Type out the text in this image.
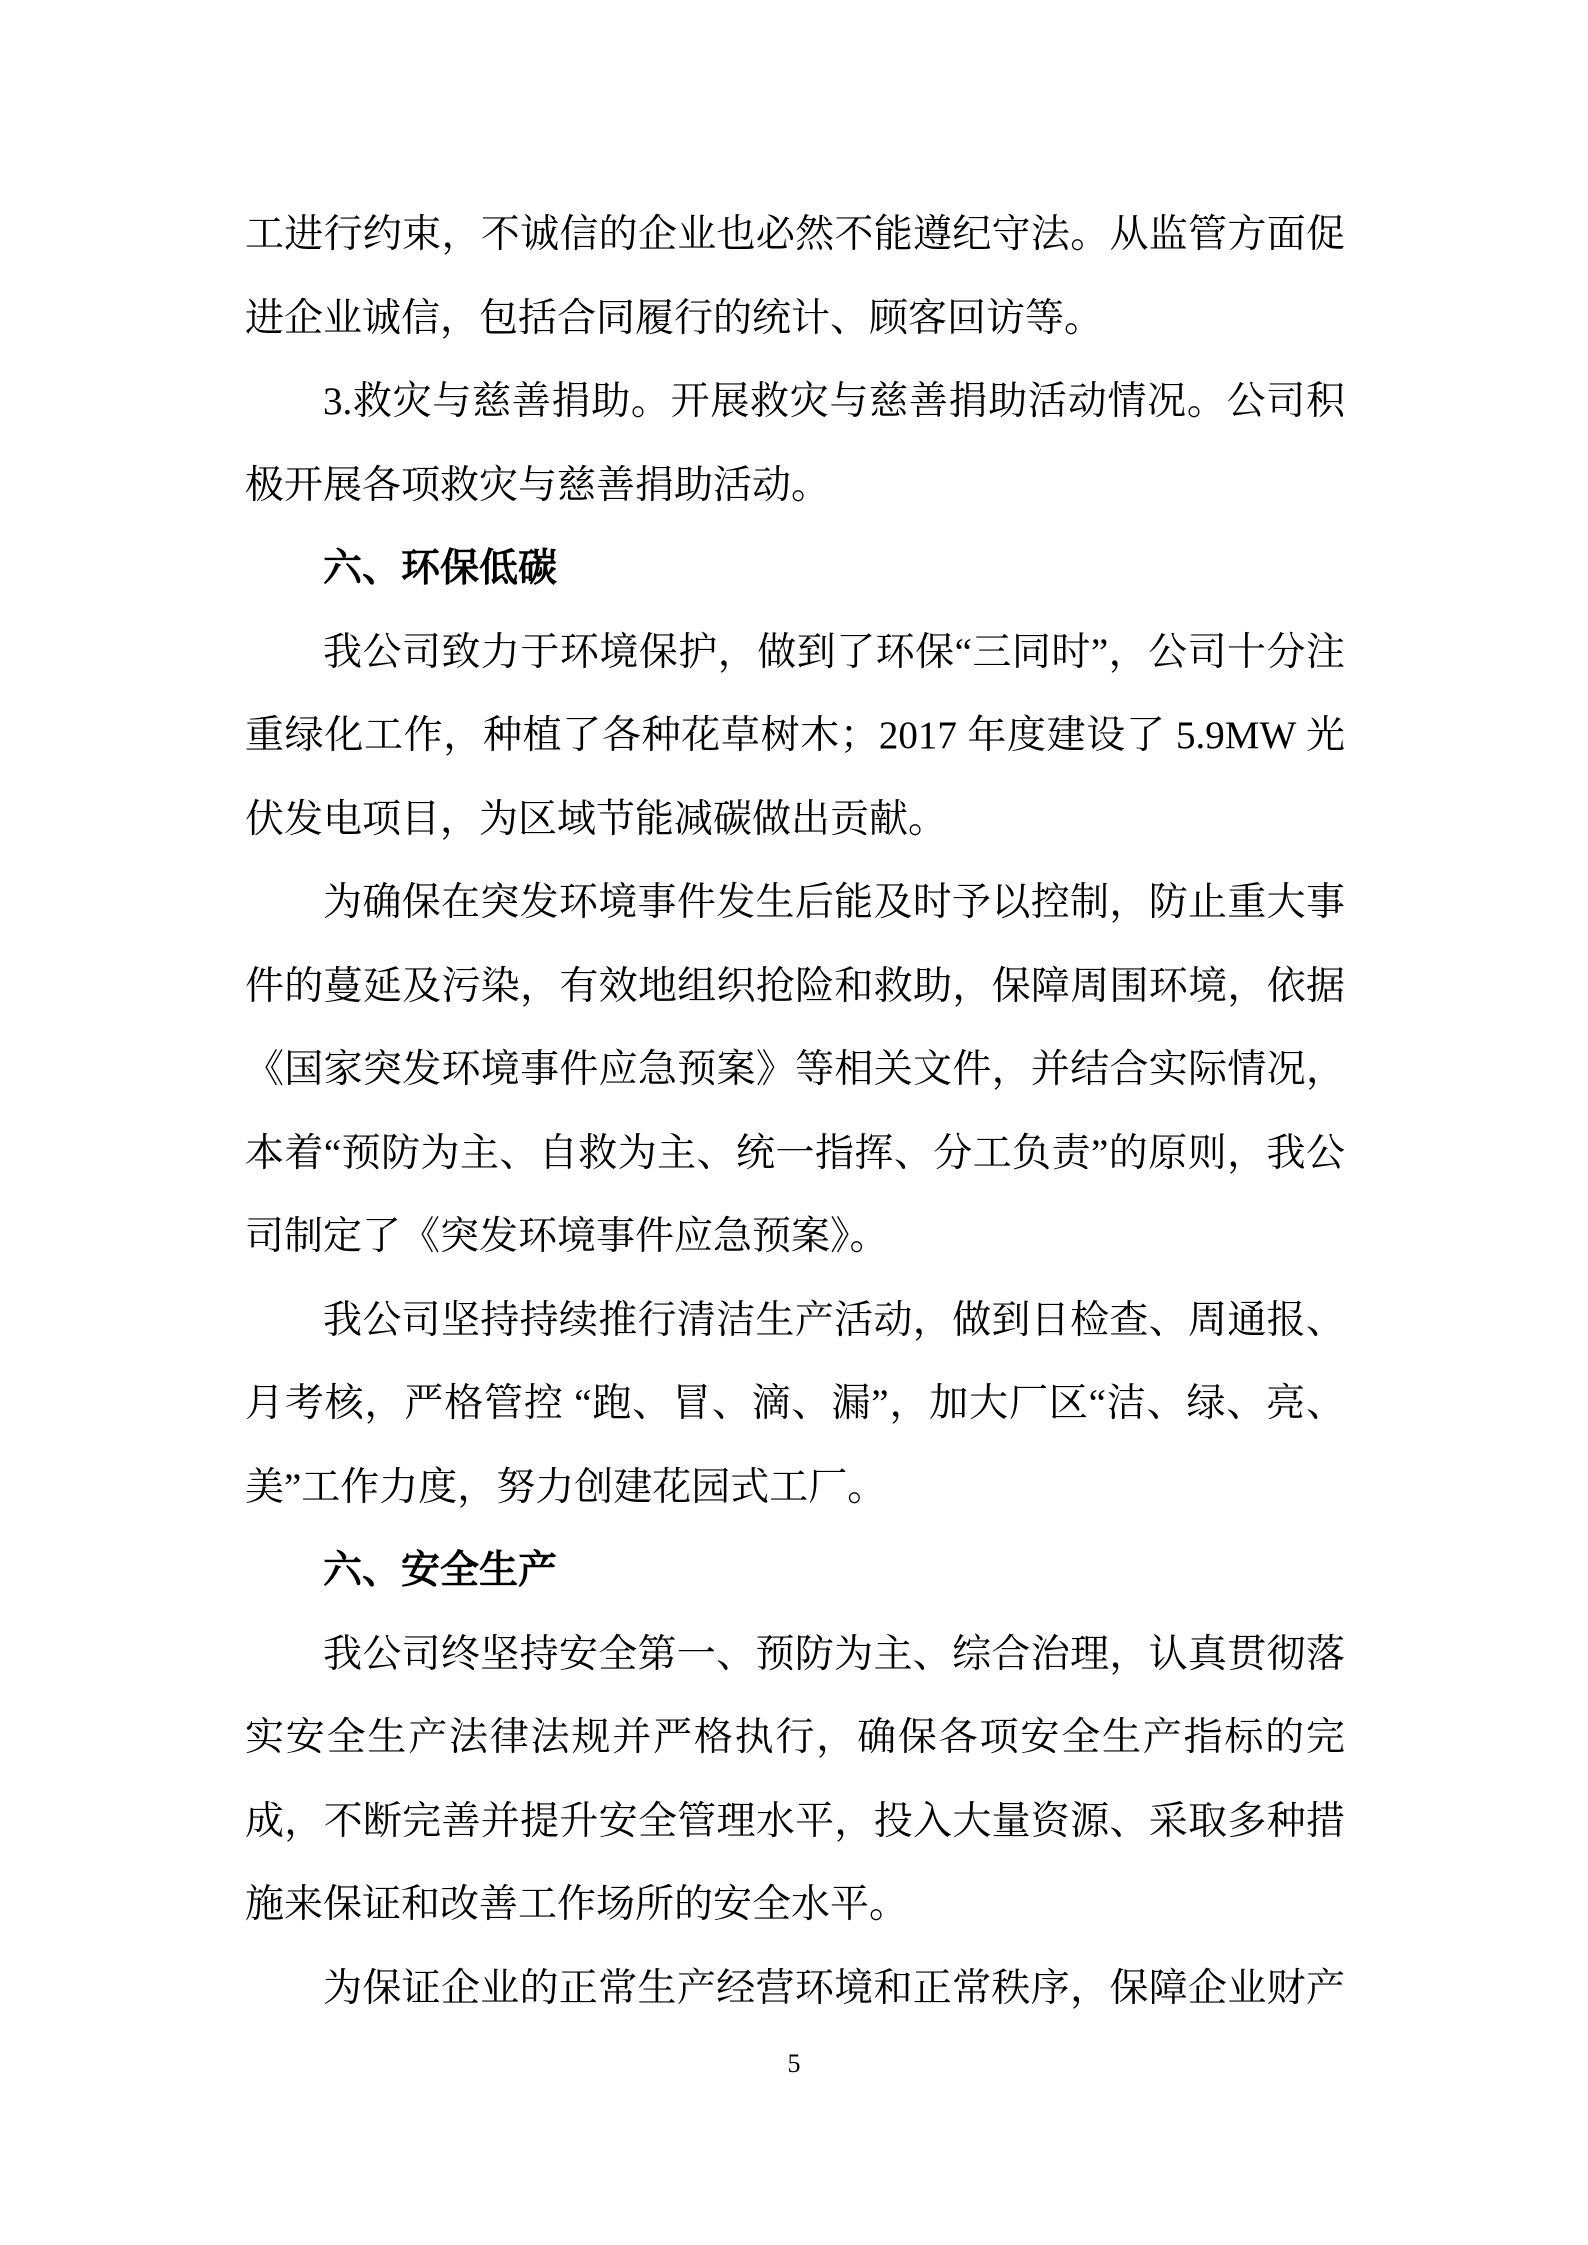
工进行约束，不诚信的企业也必然不能遵纪守法。从监管方面促
进企业诚信，包括合同履行的统计、顾客回访等。
3.救灾与慈善捐助。开展救灾与慈善捐助活动情况。公司积
极开展各项救灾与慈善捐助活动。
六、环保低碳
我公司致力于环境保护，做到了环保“三同时”，公司十分注
重绿化工作，种植了各种花草树木；2017 年度建设了 5.9MW 光
伏发电项目，为区域节能减碳做出贡献。
为确保在突发环境事件发生后能及时予以控制，防止重大事
件的蔓延及污染，有效地组织抢险和救助，保障周围环境，依据
《国家突发环境事件应急预案》等相关文件，并结合实际情况，
本着“预防为主、自救为主、统一指挥、分工负责”的原则，我公
司制定了《突发环境事件应急预案》。
我公司坚持持续推行清洁生产活动，做到日检查、周通报、
月考核，严格管控 “跑、冒、滴、漏”，加大厂区“洁、绿、亮、
美”工作力度，努力创建花园式工厂。
六、安全生产
我公司终坚持安全第一、预防为主、综合治理，认真贯彻落
实安全生产法律法规并严格执行，确保各项安全生产指标的完
成，不断完善并提升安全管理水平，投入大量资源、采取多种措
施来保证和改善工作场所的安全水平。
为保证企业的正常生产经营环境和正常秩序，保障企业财产
5
